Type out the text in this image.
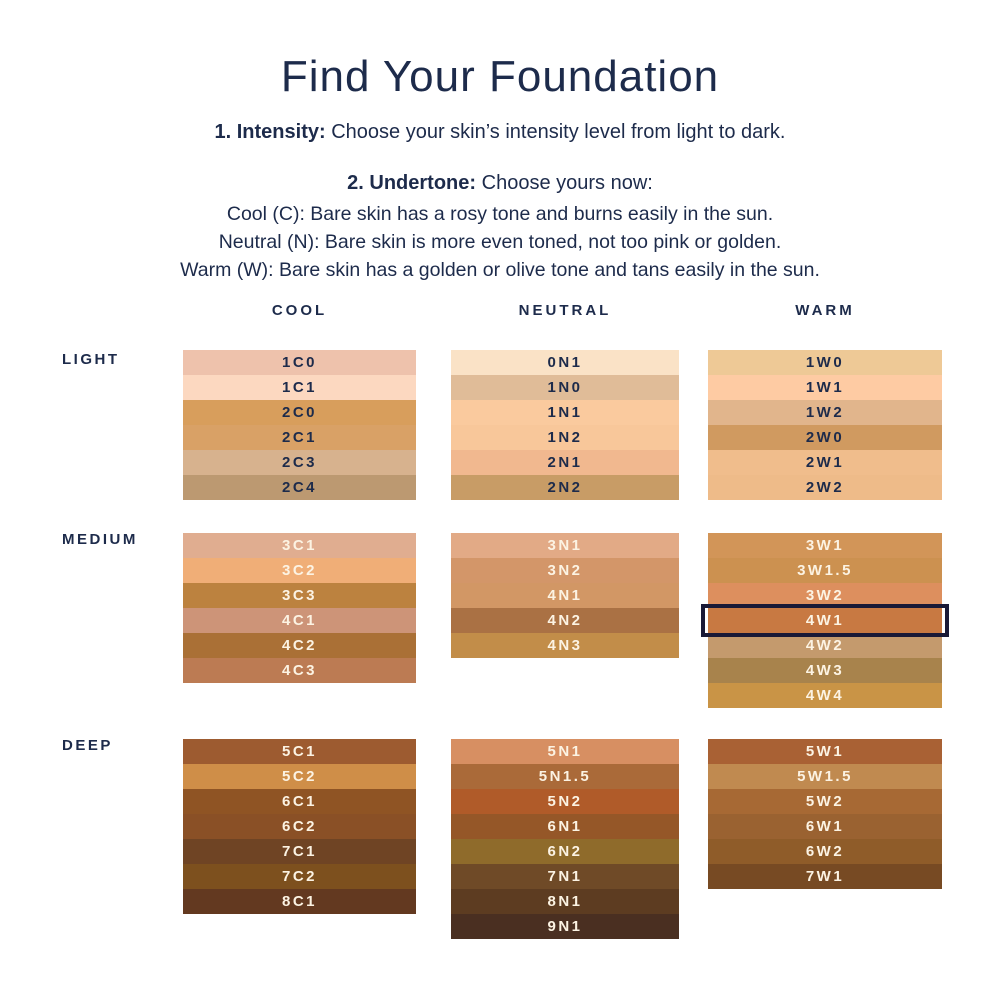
Find Your Foundation

1. Intensity: Choose your skin’s intensity level from light to dark.

2. Undertone: Choose yours now:

Cool (C): Bare skin has a rosy tone and burns easily in the sun.
Neutral (N): Bare skin is more even toned, not too pink or golden.
Warm (W): Bare skin has a golden or olive tone and tans easily in the sun.
COOL	NEUTRAL	WARM
LIGHT
MEDIUM
DEEP
1C0
1C1
2C0
2C1
2C3
2C4
0N1
1N0
1N1
1N2
2N1
2N2
1W0
1W1
1W2
2W0
2W1
2W2
3C1
3C2
3C3
4C1
4C2
4C3
3N1
3N2
4N1
4N2
4N3
3W1
3W1.5
3W2
4W1
4W2
4W3
4W4
5C1
5C2
6C1
6C2
7C1
7C2
8C1
5N1
5N1.5
5N2
6N1
6N2
7N1
8N1
9N1
5W1
5W1.5
5W2
6W1
6W2
7W1
